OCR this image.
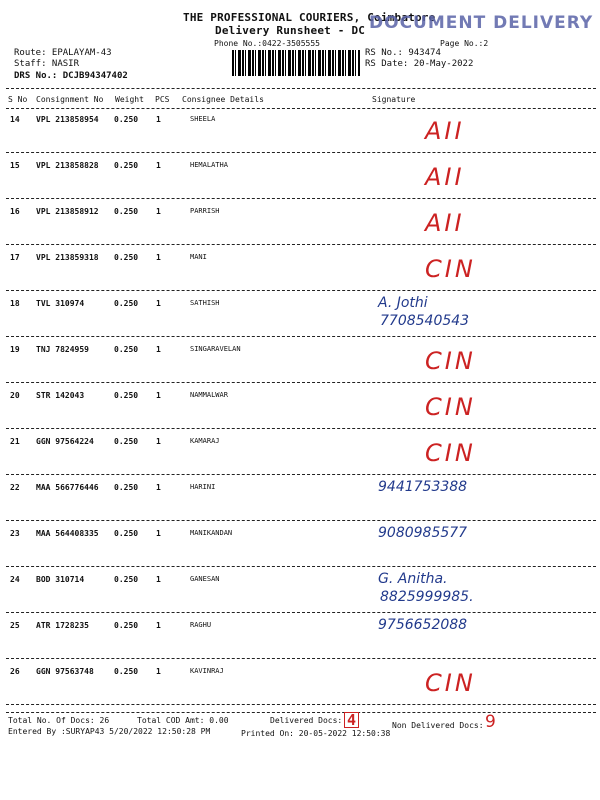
THE PROFESSIONAL COURIERS, Coimbatore
DOCUMENT DELIVERY
Delivery Runsheet - DC
Phone No.:0422-3505555	Page No.:2
Route: EPALAYAM-43
Staff: NASIR
DRS No.: DCJB94347402
RS No.: 943474
RS Date: 20-May-2022
S No Consignment No Weight PCS Consignee Details	Signature
14 VPL 213858954 0.250 1	SHEELA	AII
15 VPL 213858828 0.250 1	HEMALATHA	AII
16 VPL 213858912 0.250 1	PARRISH	AII
17 VPL 213859318 0.250 1	MANI	CIN
18 TVL 310974	0.250 1	SATHISH	A. Jothi
7708540543
19 TNJ 7824959	0.250 1	SINGARAVELAN	CIN
20 STR 142043	0.250 1	NAMMALWAR	CIN
21 GGN 97564224	0.250 1	KAMARAJ	CIN
22 MAA 566776446 0.250 1	HARINI	9441753388
23 MAA 564408335 0.250 1	MANIKANDAN	9080985577
24 BOD 310714	0.250 1	GANESAN	G. Anitha.
8825999985.
25 ATR 1728235	0.250 1	RAGHU	9756652088
26 GGN 97563748	0.250 1	KAVINRAJ	CIN
Total No. Of Docs: 26	Total COD Amt: 0.00	Delivered Docs: 4	Non Delivered Docs: 9
Entered By :SURYAP43 5/20/2022 12:50:28 PM	Printed On: 20-05-2022 12:50:38
